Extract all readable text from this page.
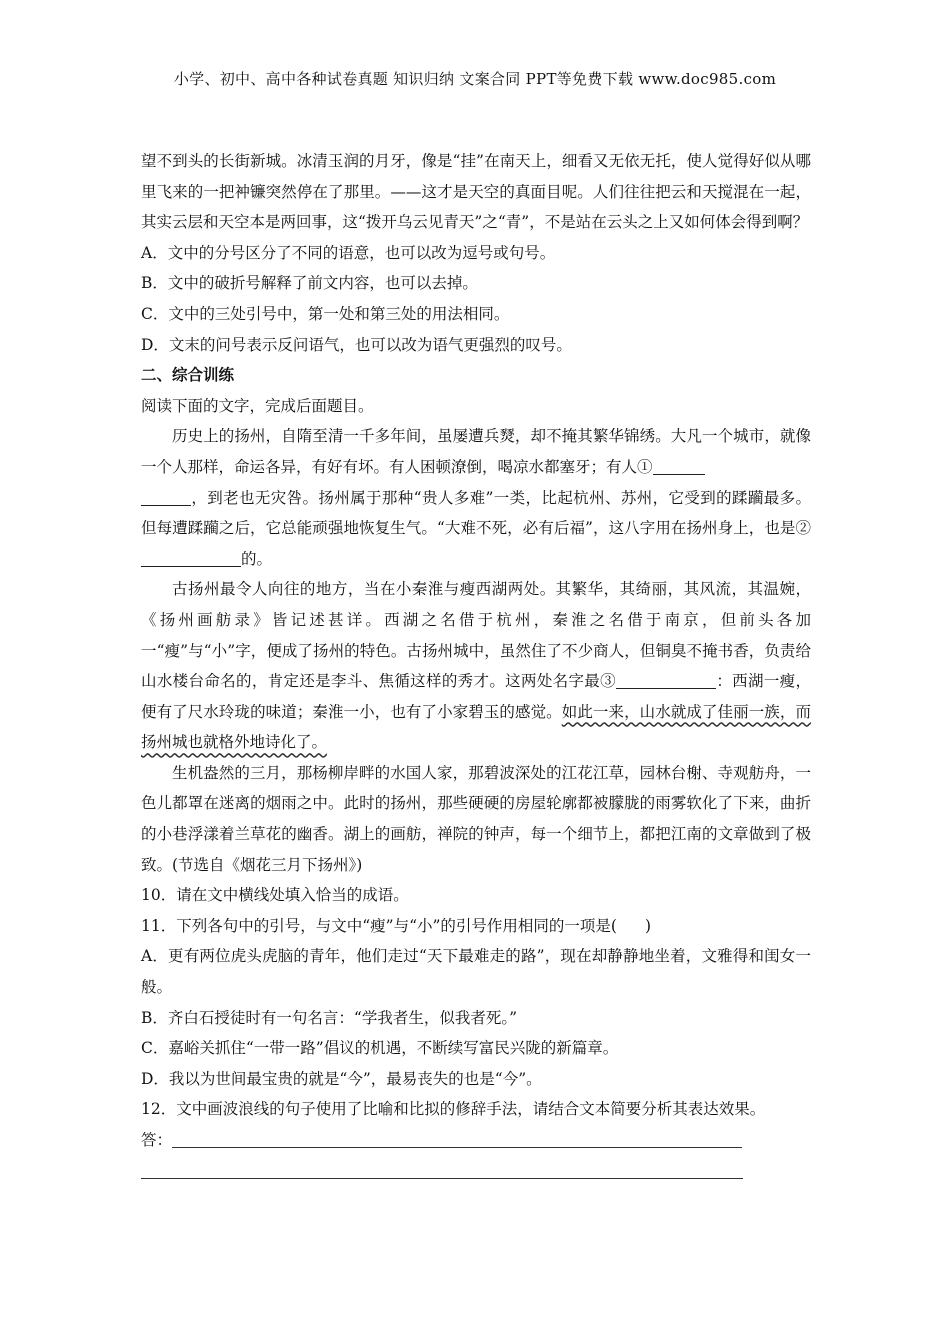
小学、初中、高中各种试卷真题 知识归纳 文案合同 PPT等免费下载 www.doc985.com

望不到头的长街新城。冰清玉润的月牙，像是“挂”在南天上，细看又无依无托，使人觉得好似从哪里飞来的一把衶镰突然停在了那里。——这才是天空的真面目呢。人们往往把云和天搅混在一起，其实云层和天空本是两回事，这“拨开乌云见青天”之“青”，不是站在云头之上又如何体会得到啊？

A．文中的分号区分了不同的语意，也可以改为逗号或句号。

B．文中的破折号解释了前文内容，也可以去掉。

C．文中的三处引号中，第一处和第三处的用法相同。

D．文末的问号表示反问语气，也可以改为语气更强烈的叹号。

二、综合训练

阅读下面的文字，完成后面题目。

历史上的扬州，自隋至清一千多年间，虽屡遭兵燹，却不掩其繁华锦绣。大凡一个城市，就像一个人那样，命运各异，有好有坏。有人困顿潦倒，喝凉水都塞牙；有人①
，到老也无灾咎。扬州属于那种“贵人多难”一类，比起杭州、苏州，它受到的蹂躏最多。但每遭蹂躏之后，它总能顽强地恢复生气。“大难不死，必有后福”，这八字用在扬州身上，也是②的。

古扬州最令人向往的地方，当在小秦淮与瘦西湖两处。其繁华，其绮丽，其风流，其温婉，《扬州画舫录》皆记述甚详。西湖之名借于杭州，秦淮之名借于南京，但前头各加一“瘦”与“小”字，便成了扬州的特色。古扬州城中，虽然住了不少商人，但铜臭不掩书香，负责给山水楼台命名的，肯定还是李斗、焦循这样的秀才。这两处名字最③	：西湖一瘦，便有了尺水玲珑的味道；秦淮一小，也有了小家碧玉的感觉。如此一来，山水就成了佳丽一族，而扬州城也就格外地诗化了。

生机盎然的三月，那杨柳岸畔的水国人家，那碧波深处的江花江草，园林台榭、寺观舫舟，一色儿都罩在迷离的烟雨之中。此时的扬州，那些硬硬的房屋轮廓都被朦胧的雨雾软化了下来，曲折的小巷浮漾着兰草花的幽香。湖上的画舫，禅院的钟声，每一个细节上，都把江南的文章做到了极致。(节选自《烟花三月下扬州》)

10．请在文中横线处填入恰当的成语。

11．下列各句中的引号，与文中“瘦”与“小”的引号作用相同的一项是( )

A．更有两位虎头虎脑的青年，他们走过“天下最难走的路”，现在却静静地坐着，文雅得和闺女一般。

B．齐白石授徒时有一句名言：“学我者生，似我者死。”

C．嘉峪关抓住“一带一路”倡议的机遇，不断续写富民兴陇的新篇章。

D．我以为世间最宝贵的就是“今”，最易丧失的也是“今”。

12．文中画波浪线的句子使用了比喻和比拟的修辞手法，请结合文本简要分析其表达效果。

答：
